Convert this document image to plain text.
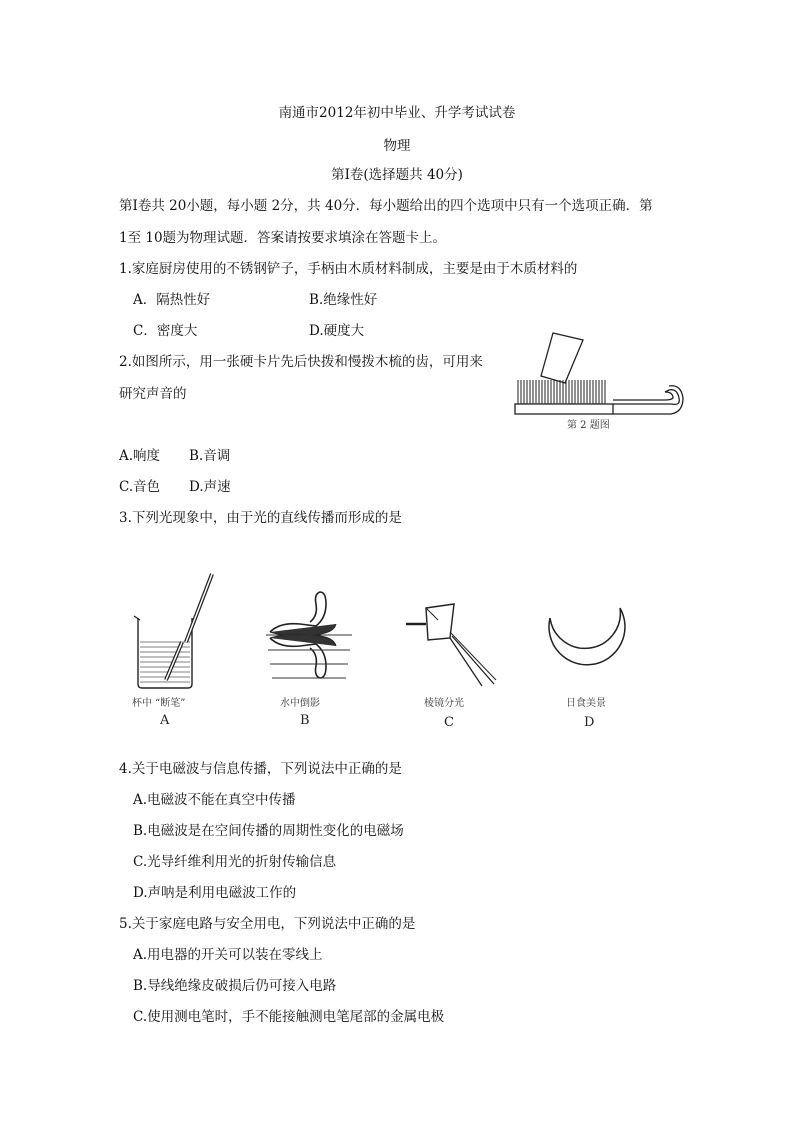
南通市2012年初中毕业、升学考试试卷
物理
第Ⅰ卷(选择题共 40分)
第Ⅰ卷共 20小题，每小题 2分，共 40分．每小题给出的四个选项中只有一个选项正确．第
1至 10题为物理试题．答案请按要求填涂在答题卡上。
1.家庭厨房使用的不锈钢铲子，手柄由木质材料制成，主要是由于木质材料的
A．隔热性好	B.绝缘性好
C．密度大	D.硬度大
2.如图所示，用一张硬卡片先后快拨和慢拨木梳的齿，可用来
研究声音的
第 2 题图
A.响度 B.音调
C.音色 D.声速
3.下列光现象中，由于光的直线传播而形成的是
杯中 “断笔”
A
水中倒影
B
棱镜分光
C
日食美景
D
4.关于电磁波与信息传播，下列说法中正确的是
A.电磁波不能在真空中传播
B.电磁波是在空间传播的周期性变化的电磁场
C.光导纤维利用光的折射传输信息
D.声呐是利用电磁波工作的
5.关于家庭电路与安全用电，下列说法中正确的是
A.用电器的开关可以装在零线上
B.导线绝缘皮破损后仍可接入电路
C.使用测电笔时，手不能接触测电笔尾部的金属电极
